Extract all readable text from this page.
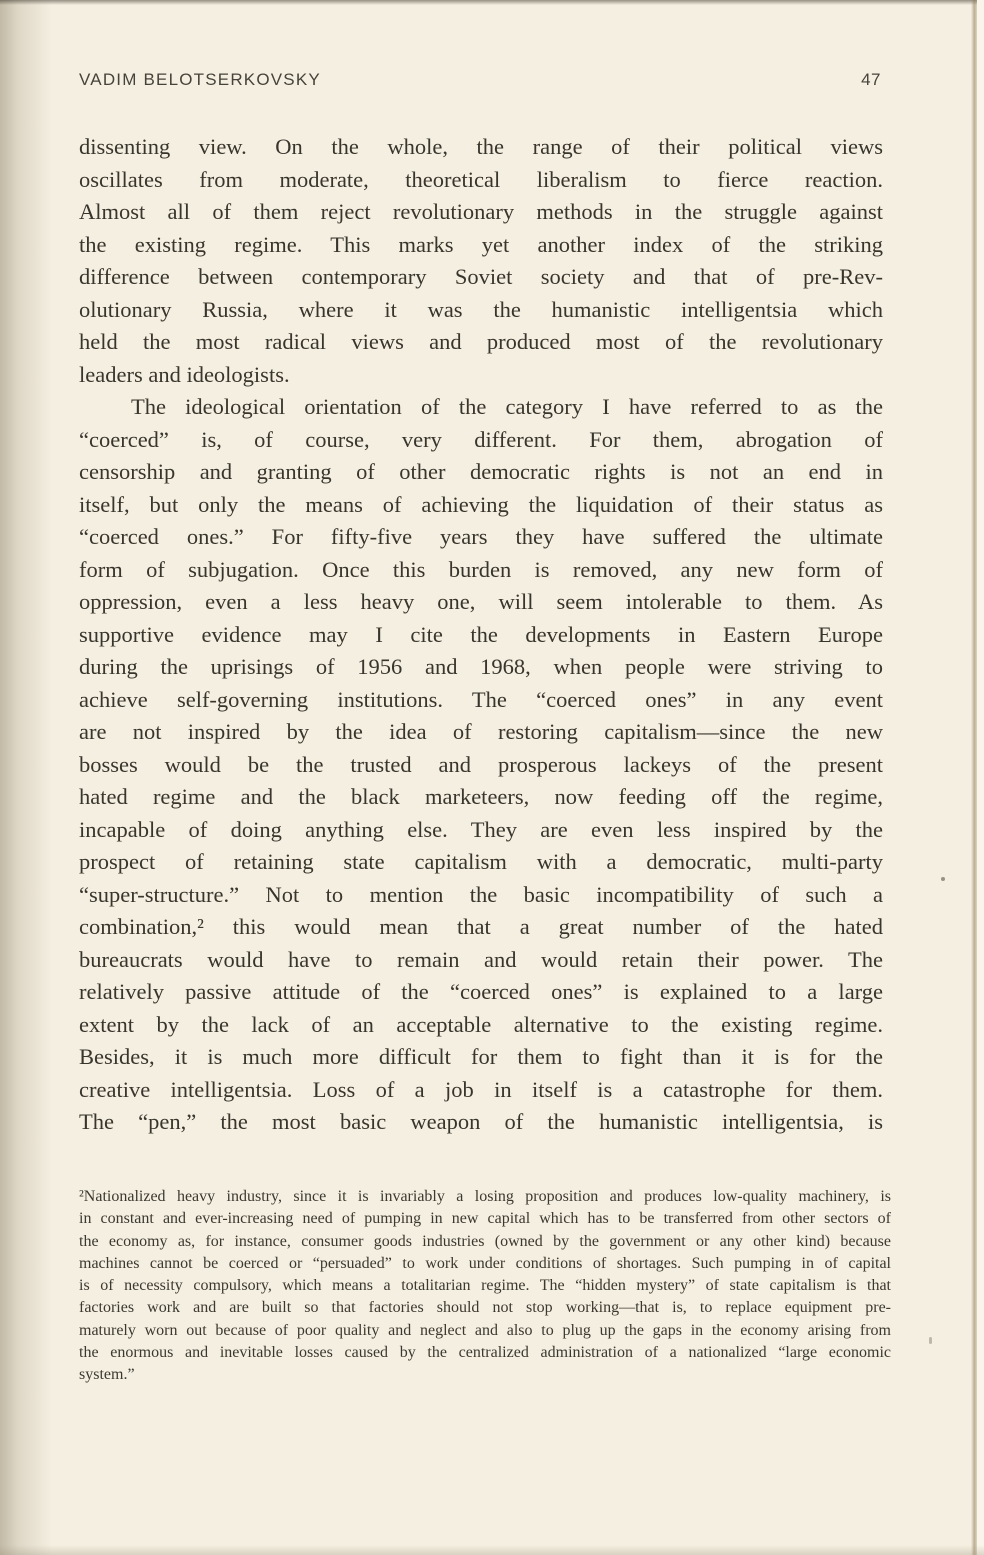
VADIM BELOTSERKOVSKY	47
dissenting view. On the whole, the range of their political views
oscillates from moderate, theoretical liberalism to fierce reaction.
Almost all of them reject revolutionary methods in the struggle against
the existing regime. This marks yet another index of the striking
difference between contemporary Soviet society and that of pre-Rev-
olutionary Russia, where it was the humanistic intelligentsia which
held the most radical views and produced most of the revolutionary
leaders and ideologists.
The ideological orientation of the category I have referred to as the
“coerced” is, of course, very different. For them, abrogation of
censorship and granting of other democratic rights is not an end in
itself, but only the means of achieving the liquidation of their status as
“coerced ones.” For fifty-five years they have suffered the ultimate
form of subjugation. Once this burden is removed, any new form of
oppression, even a less heavy one, will seem intolerable to them. As
supportive evidence may I cite the developments in Eastern Europe
during the uprisings of 1956 and 1968, when people were striving to
achieve self-governing institutions. The “coerced ones” in any event
are not inspired by the idea of restoring capitalism—since the new
bosses would be the trusted and prosperous lackeys of the present
hated regime and the black marketeers, now feeding off the regime,
incapable of doing anything else. They are even less inspired by the
prospect of retaining state capitalism with a democratic, multi-party
“super-structure.” Not to mention the basic incompatibility of such a
combination,² this would mean that a great number of the hated
bureaucrats would have to remain and would retain their power. The
relatively passive attitude of the “coerced ones” is explained to a large
extent by the lack of an acceptable alternative to the existing regime.
Besides, it is much more difficult for them to fight than it is for the
creative intelligentsia. Loss of a job in itself is a catastrophe for them.
The “pen,” the most basic weapon of the humanistic intelligentsia, is
²Nationalized heavy industry, since it is invariably a losing proposition and produces low-quality machinery, is
in constant and ever-increasing need of pumping in new capital which has to be transferred from other sectors of
the economy as, for instance, consumer goods industries (owned by the government or any other kind) because
machines cannot be coerced or “persuaded” to work under conditions of shortages. Such pumping in of capital
is of necessity compulsory, which means a totalitarian regime. The “hidden mystery” of state capitalism is that
factories work and are built so that factories should not stop working—that is, to replace equipment pre-
maturely worn out because of poor quality and neglect and also to plug up the gaps in the economy arising from
the enormous and inevitable losses caused by the centralized administration of a nationalized “large economic
system.”
